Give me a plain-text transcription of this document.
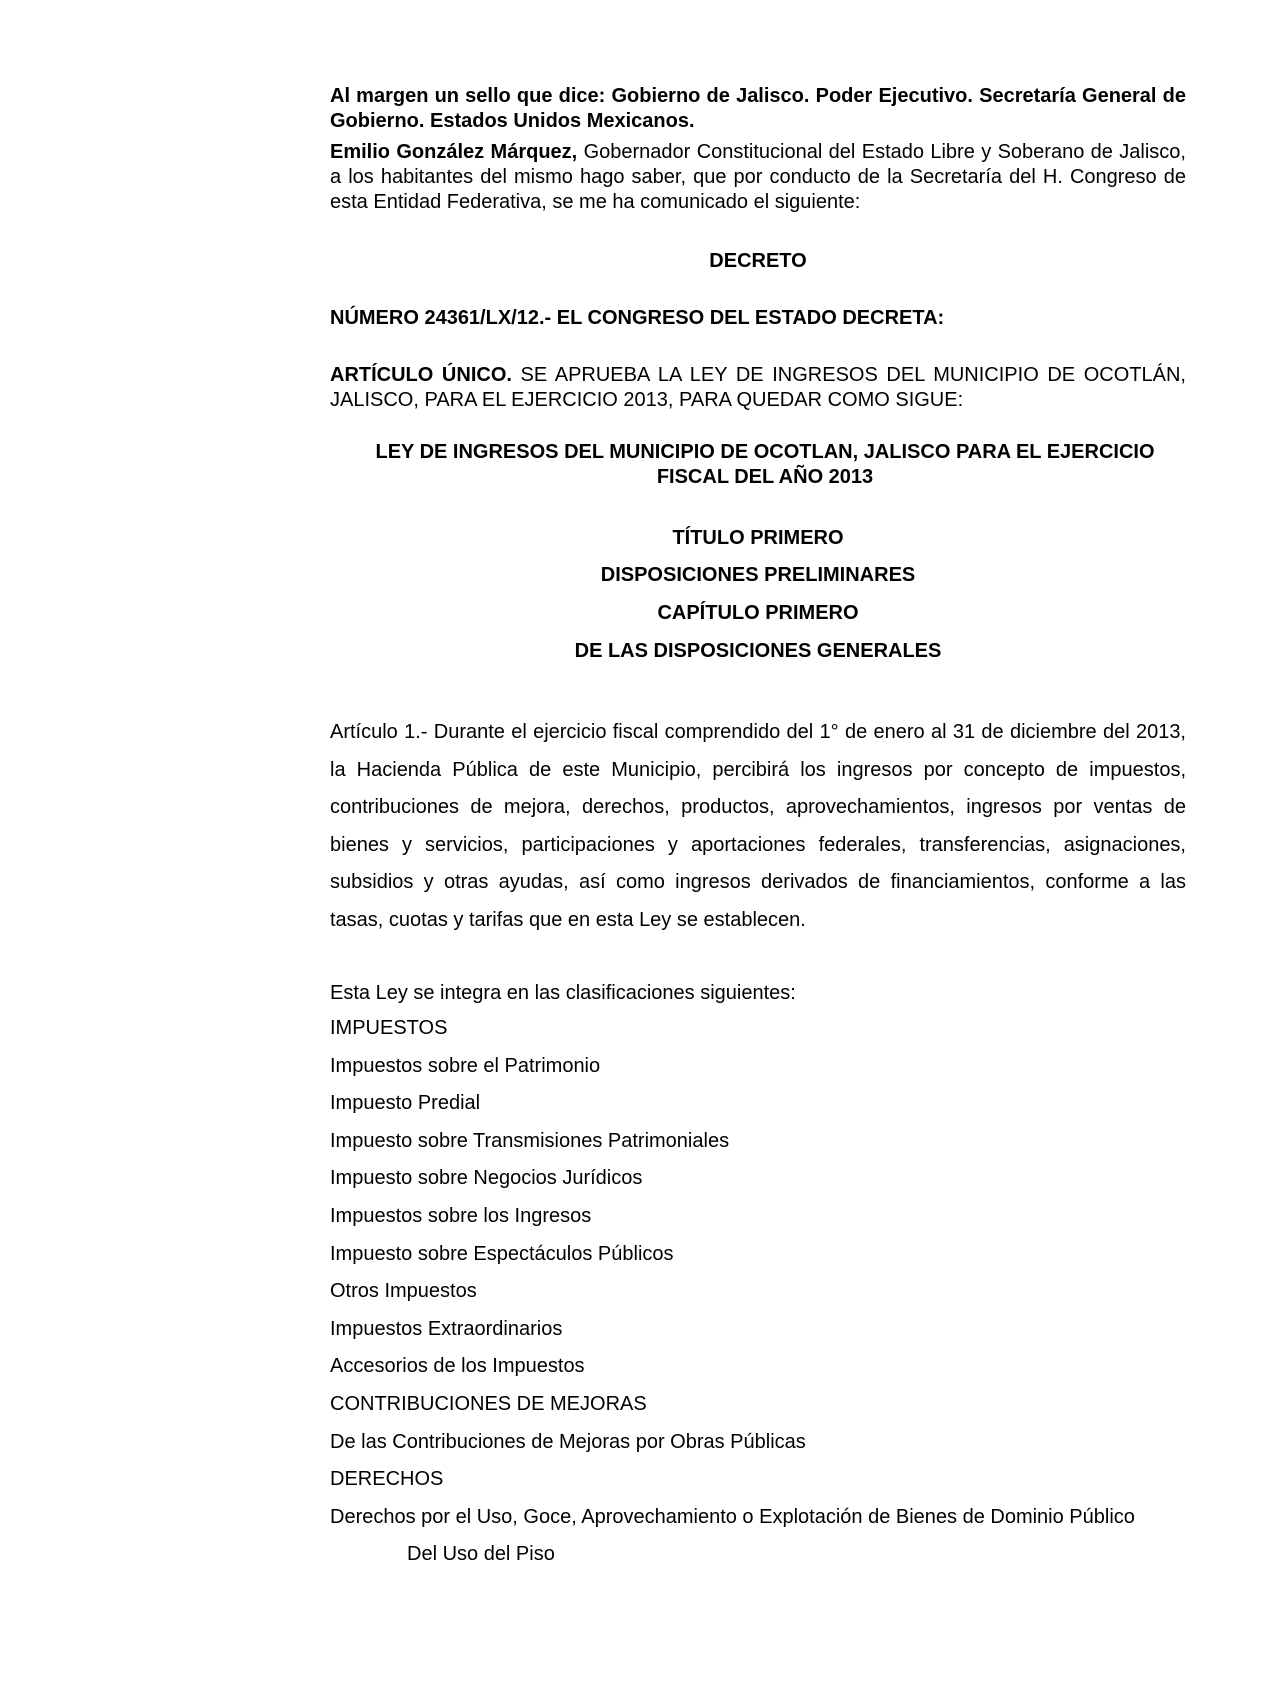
Al margen un sello que dice: Gobierno de Jalisco. Poder Ejecutivo. Secretaría General de Gobierno. Estados Unidos Mexicanos.

Emilio González Márquez, Gobernador Constitucional del Estado Libre y Soberano de Jalisco, a los habitantes del mismo hago saber, que por conducto de la Secretaría del H. Congreso de esta Entidad Federativa, se me ha comunicado el siguiente:

DECRETO

NÚMERO 24361/LX/12.- EL CONGRESO DEL ESTADO DECRETA:

ARTÍCULO ÚNICO. SE APRUEBA LA LEY DE INGRESOS DEL MUNICIPIO DE OCOTLÁN, JALISCO, PARA EL EJERCICIO 2013, PARA QUEDAR COMO SIGUE:

LEY DE INGRESOS DEL MUNICIPIO DE OCOTLAN, JALISCO PARA EL EJERCICIO FISCAL DEL AÑO 2013

TÍTULO PRIMERO

DISPOSICIONES PRELIMINARES

CAPÍTULO PRIMERO

DE LAS DISPOSICIONES GENERALES

Artículo 1.- Durante el ejercicio fiscal comprendido del 1° de enero al 31 de diciembre del 2013, la Hacienda Pública de este Municipio, percibirá los ingresos por concepto de impuestos, contribuciones de mejora, derechos, productos, aprovechamientos, ingresos por ventas de bienes y servicios, participaciones y aportaciones federales, transferencias, asignaciones, subsidios y otras ayudas, así como ingresos derivados de financiamientos, conforme a las tasas, cuotas y tarifas que en esta Ley se establecen.

Esta Ley se integra en las clasificaciones siguientes:

IMPUESTOS
Impuestos sobre el Patrimonio
Impuesto Predial
Impuesto sobre Transmisiones Patrimoniales
Impuesto sobre Negocios Jurídicos
Impuestos sobre los Ingresos
Impuesto sobre Espectáculos Públicos
Otros Impuestos
Impuestos Extraordinarios
Accesorios de los Impuestos
CONTRIBUCIONES DE MEJORAS
De las Contribuciones de Mejoras por Obras Públicas
DERECHOS
Derechos por el Uso, Goce, Aprovechamiento o Explotación de Bienes de Dominio Público
Del Uso del Piso
